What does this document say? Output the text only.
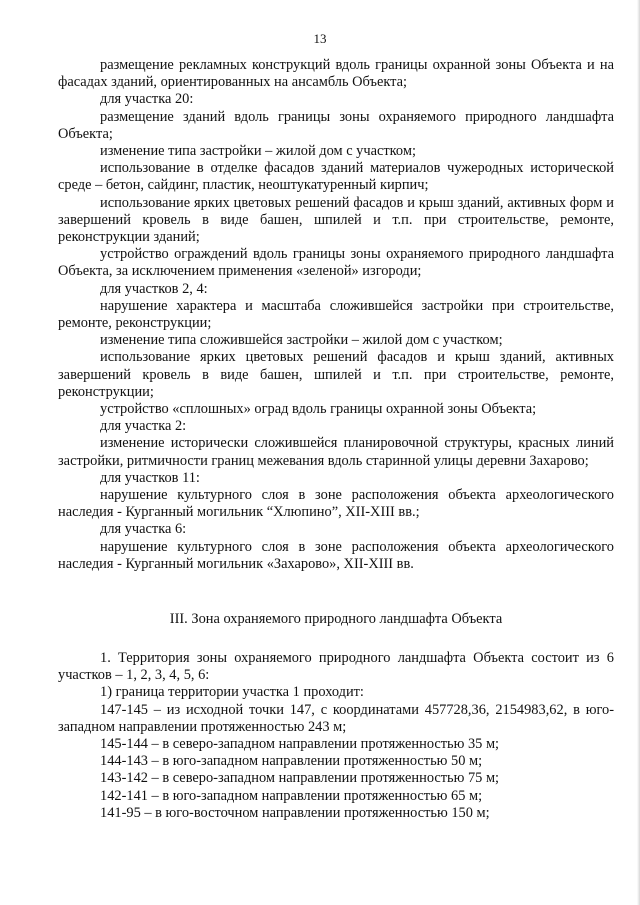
13

размещение рекламных конструкций вдоль границы охранной зоны Объекта и на фасадах зданий, ориентированных на ансамбль Объекта;

для участка 20:

размещение зданий вдоль границы зоны охраняемого природного ландшафта Объекта;

изменение типа застройки – жилой дом с участком;

использование в отделке фасадов зданий материалов чужеродных исторической среде – бетон, сайдинг, пластик, неоштукатуренный кирпич;

использование ярких цветовых решений фасадов и крыш зданий, активных форм и завершений кровель в виде башен, шпилей и т.п. при строительстве, ремонте, реконструкции зданий;

устройство ограждений вдоль границы зоны охраняемого природного ландшафта Объекта, за исключением применения «зеленой» изгороди;

для участков 2, 4:

нарушение характера и масштаба сложившейся застройки при строительстве, ремонте, реконструкции;

изменение типа сложившейся застройки – жилой дом с участком;

использование ярких цветовых решений фасадов и крыш зданий, активных завершений кровель в виде башен, шпилей и т.п. при строительстве, ремонте, реконструкции;

устройство «сплошных» оград вдоль границы охранной зоны Объекта;

для участка 2:

изменение исторически сложившейся планировочной структуры, красных линий застройки, ритмичности границ межевания вдоль старинной улицы деревни Захарово;

для участков 11:

нарушение культурного слоя в зоне расположения объекта археологического наследия - Курганный могильник “Хлюпино”, XII-XIII вв.;

для участка 6:

нарушение культурного слоя в зоне расположения объекта археологического наследия - Курганный могильник «Захарово», XII-XIII вв.

III. Зона охраняемого природного ландшафта Объекта

1. Территория зоны охраняемого природного ландшафта Объекта состоит из 6 участков – 1, 2, 3, 4, 5, 6:

1) граница территории участка 1 проходит:

147-145 – из исходной точки 147, с координатами 457728,36, 2154983,62, в юго-западном направлении протяженностью 243 м;

145-144 – в северо-западном направлении протяженностью 35 м;

144-143 – в юго-западном направлении протяженностью 50 м;

143-142 – в северо-западном направлении протяженностью 75 м;

142-141 – в юго-западном направлении протяженностью 65 м;

141-95 – в юго-восточном направлении протяженностью 150 м;
